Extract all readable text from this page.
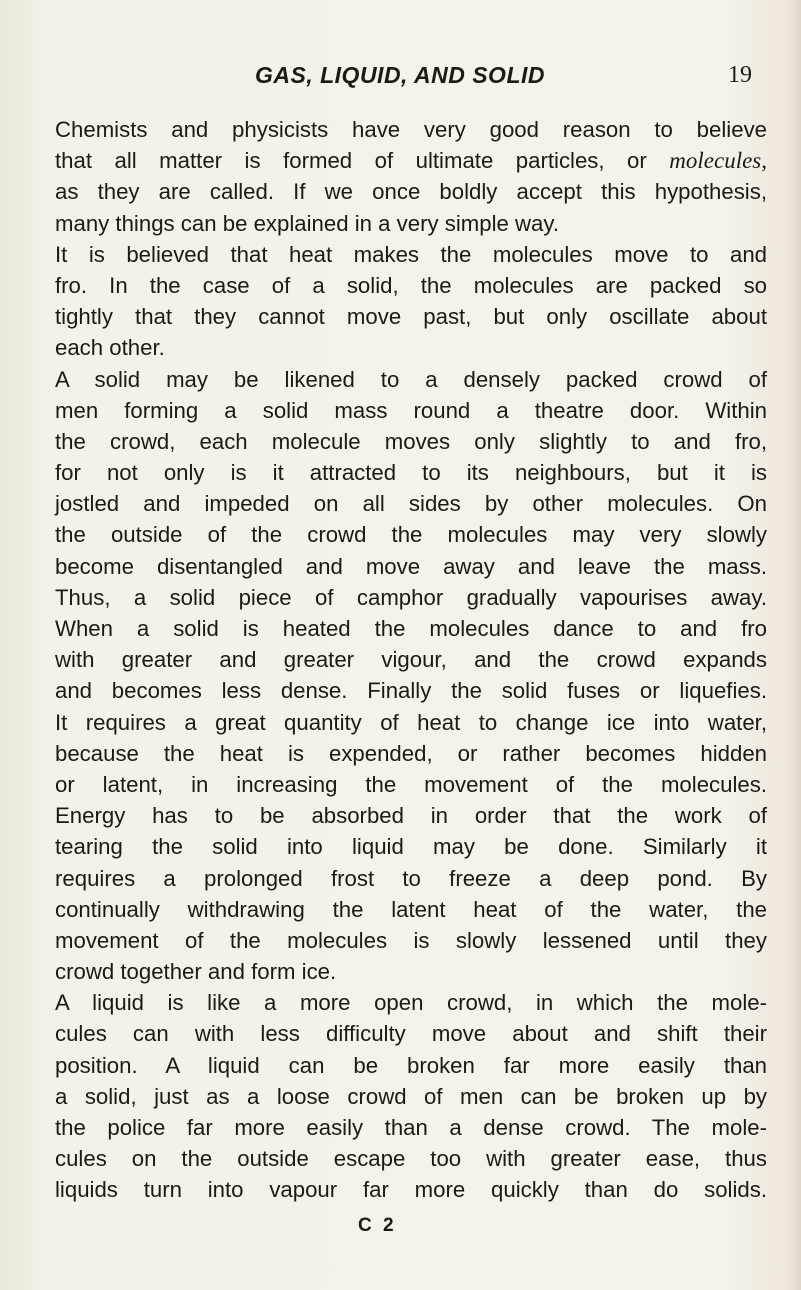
GAS, LIQUID, AND SOLID	19
Chemists and physicists have very good reason to believe
that all matter is formed of ultimate particles, or molecules,
as they are called. If we once boldly accept this hypothesis,
many things can be explained in a very simple way.
It is believed that heat makes the molecules move to and
fro. In the case of a solid, the molecules are packed so
tightly that they cannot move past, but only oscillate about
each other.
A solid may be likened to a densely packed crowd of
men forming a solid mass round a theatre door. Within
the crowd, each molecule moves only slightly to and fro,
for not only is it attracted to its neighbours, but it is
jostled and impeded on all sides by other molecules. On
the outside of the crowd the molecules may very slowly
become disentangled and move away and leave the mass.
Thus, a solid piece of camphor gradually vapourises away.
When a solid is heated the molecules dance to and fro
with greater and greater vigour, and the crowd expands
and becomes less dense. Finally the solid fuses or liquefies.
It requires a great quantity of heat to change ice into water,
because the heat is expended, or rather becomes hidden
or latent, in increasing the movement of the molecules.
Energy has to be absorbed in order that the work of
tearing the solid into liquid may be done. Similarly it
requires a prolonged frost to freeze a deep pond. By
continually withdrawing the latent heat of the water, the
movement of the molecules is slowly lessened until they
crowd together and form ice.
A liquid is like a more open crowd, in which the mole-
cules can with less difficulty move about and shift their
position. A liquid can be broken far more easily than
a solid, just as a loose crowd of men can be broken up by
the police far more easily than a dense crowd. The mole-
cules on the outside escape too with greater ease, thus
liquids turn into vapour far more quickly than do solids.
C 2
